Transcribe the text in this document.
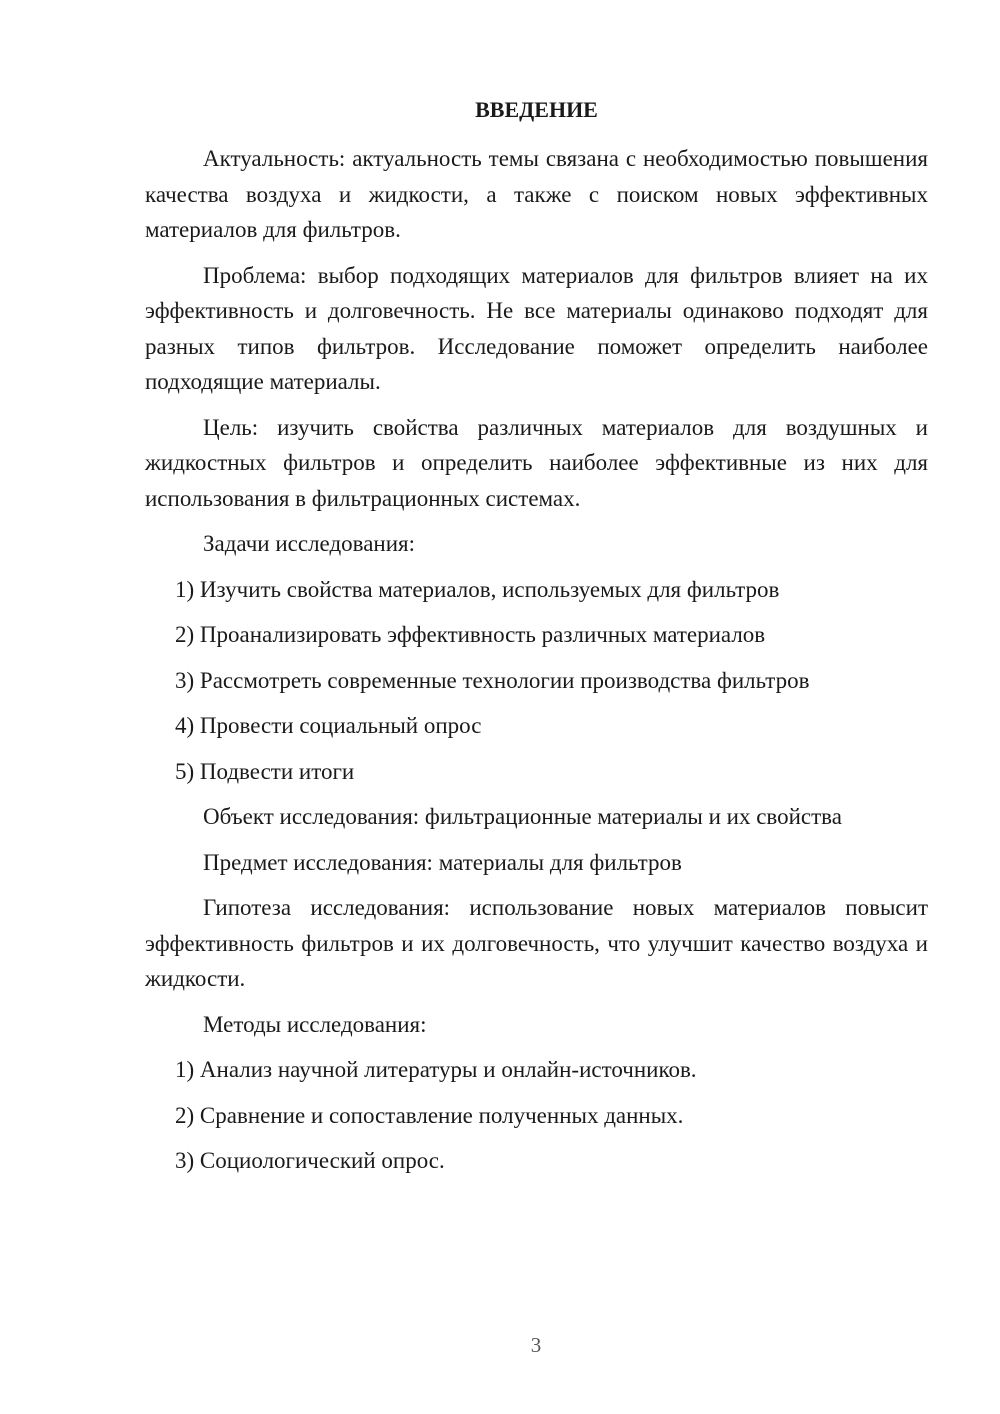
ВВЕДЕНИЕ

Актуальность: актуальность темы связана с необходимостью повышения качества воздуха и жидкости, а также с поиском новых эффективных материалов для фильтров.

Проблема: выбор подходящих материалов для фильтров влияет на их эффективность и долговечность. Не все материалы одинаково подходят для разных типов фильтров. Исследование поможет определить наиболее подходящие материалы.

Цель: изучить свойства различных материалов для воздушных и жидкостных фильтров и определить наиболее эффективные из них для использования в фильтрационных системах.

Задачи исследования:

1) Изучить свойства материалов, используемых для фильтров
2) Проанализировать эффективность различных материалов
3) Рассмотреть современные технологии производства фильтров
4) Провести социальный опрос
5) Подвести итоги

Объект исследования: фильтрационные материалы и их свойства

Предмет исследования: материалы для фильтров

Гипотеза исследования: использование новых материалов повысит эффективность фильтров и их долговечность, что улучшит качество воздуха и жидкости.

Методы исследования:

1) Анализ научной литературы и онлайн-источников.
2) Сравнение и сопоставление полученных данных.
3) Социологический опрос.
3
